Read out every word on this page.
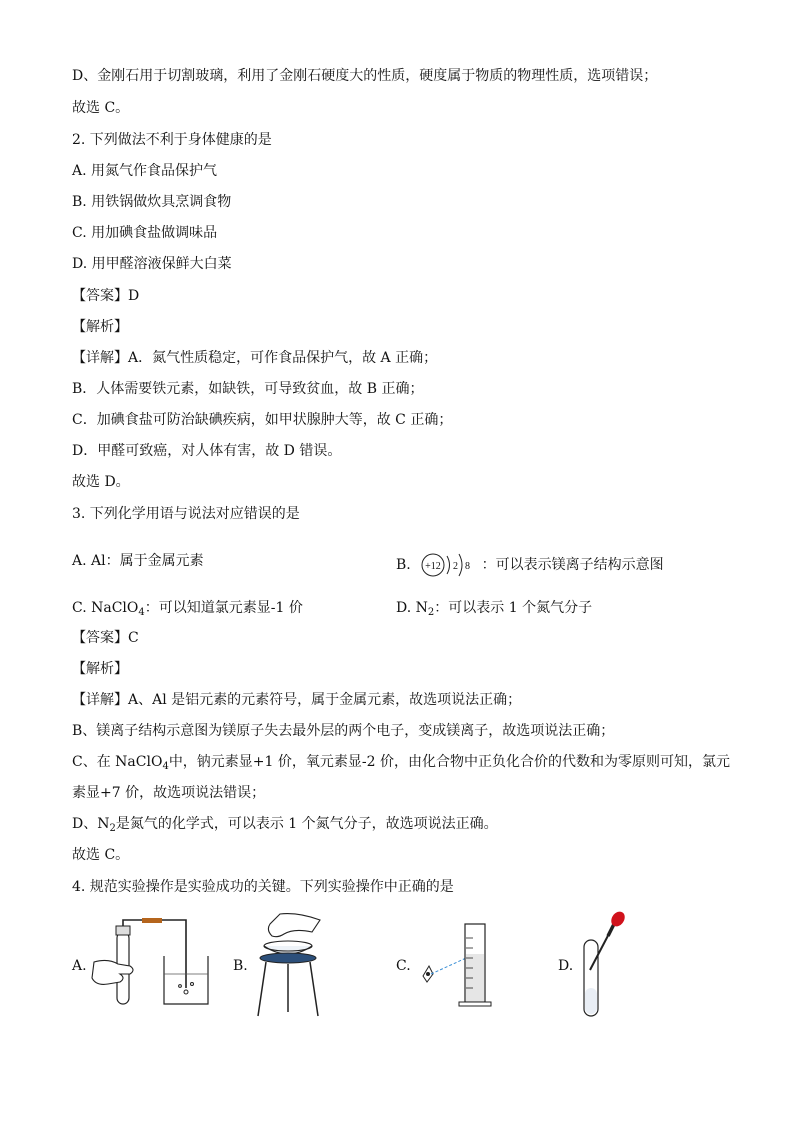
D、金刚石用于切割玻璃，利用了金刚石硬度大的性质，硬度属于物质的物理性质，选项错误；
故选 C。
2. 下列做法不利于身体健康的是
A. 用氮气作食品保护气
B. 用铁锅做炊具烹调食物
C. 用加碘食盐做调味品
D. 用甲醛溶液保鲜大白菜
【答案】D
【解析】
【详解】A．氮气性质稳定，可作食品保护气，故 A 正确；
B．人体需要铁元素，如缺铁，可导致贫血，故 B 正确；
C．加碘食盐可防治缺碘疾病，如甲状腺肿大等，故 C 正确；
D．甲醛可致癌，对人体有害，故 D 错误。
故选 D。
3. 下列化学用语与说法对应错误的是
A. Al：属于金属元素	B. +12 2 8 ：可以表示镁离子结构示意图
C. NaClO$_4$：可以知道氯元素显-1 价	D. $N_2$：可以表示 1 个氮气分子
【答案】C
【解析】
【详解】A、Al 是铝元素的元素符号，属于金属元素，故选项说法正确；
B、镁离子结构示意图为镁原子失去最外层的两个电子，变成镁离子，故选项说法正确；
C、在 NaClO$_4$中，钠元素显+1 价，氧元素显-2 价，由化合物中正负化合价的代数和为零原则可知，氯元
素显+7 价，故选项说法错误；
D、$N_2$是氮气的化学式，可以表示 1 个氮气分子，故选项说法正确。
故选 C。
4. 规范实验操作是实验成功的关键。下列实验操作中正确的是
A.	B.	C.	D.
